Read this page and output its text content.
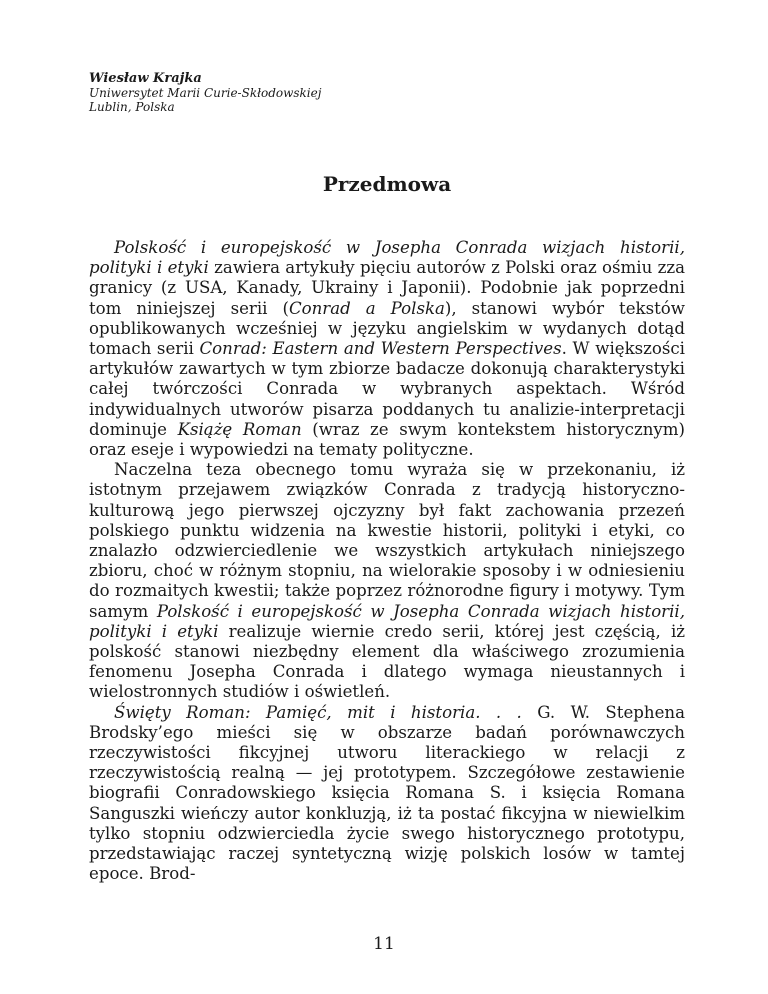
Wiesław Krajka
Uniwersytet Marii Curie-Skłodowskiej
Lublin, Polska
Przedmowa

Polskość i europejskość w Josepha Conrada wizjach historii, polityki i etyki zawiera artykuły pięciu autorów z Polski oraz ośmiu zza granicy (z USA, Kanady, Ukrainy i Japonii). Podobnie jak poprzedni tom niniejszej serii (Conrad a Polska), stanowi wybór tekstów opublikowanych wcześniej w języku angielskim w wydanych dotąd tomach serii Conrad: Eastern and Western Perspectives. W większości artykułów zawartych w tym zbiorze badacze dokonują charakterystyki całej twórczości Conrada w wybranych aspektach. Wśród indywidualnych utworów pisarza poddanych tu analizie-interpretacji dominuje Książę Roman (wraz ze swym kontekstem historycznym) oraz eseje i wypowiedzi na tematy polityczne.

Naczelna teza obecnego tomu wyraża się w przekonaniu, iż istotnym przejawem związków Conrada z tradycją historyczno-kulturową jego pierwszej ojczyzny był fakt zachowania przezeń polskiego punktu widzenia na kwestie historii, polityki i etyki, co znalazło odzwierciedlenie we wszystkich artykułach niniejszego zbioru, choć w różnym stopniu, na wielorakie sposoby i w odniesieniu do rozmaitych kwestii; także poprzez różnorodne figury i motywy. Tym samym Polskość i europejskość w Josepha Conrada wizjach historii, polityki i etyki realizuje wiernie credo serii, której jest częścią, iż polskość stanowi niezbędny element dla właściwego zrozumienia fenomenu Josepha Conrada i dlatego wymaga nieustannych i wielostronnych studiów i oświetleń.

Święty Roman: Pamięć, mit i historia. . . G. W. Stephena Brodsky’ego mieści się w obszarze badań porównawczych rzeczywistości fikcyjnej utworu literackiego w relacji z rzeczywistością realną — jej prototypem. Szczegółowe zestawienie biografii Conradowskiego księcia Romana S. i księcia Romana Sanguszki wieńczy autor konkluzją, iż ta postać fikcyjna w niewielkim tylko stopniu odzwierciedla życie swego historycznego prototypu, przedstawiając raczej syntetyczną wizję polskich losów w tamtej epoce. Brod-

11
